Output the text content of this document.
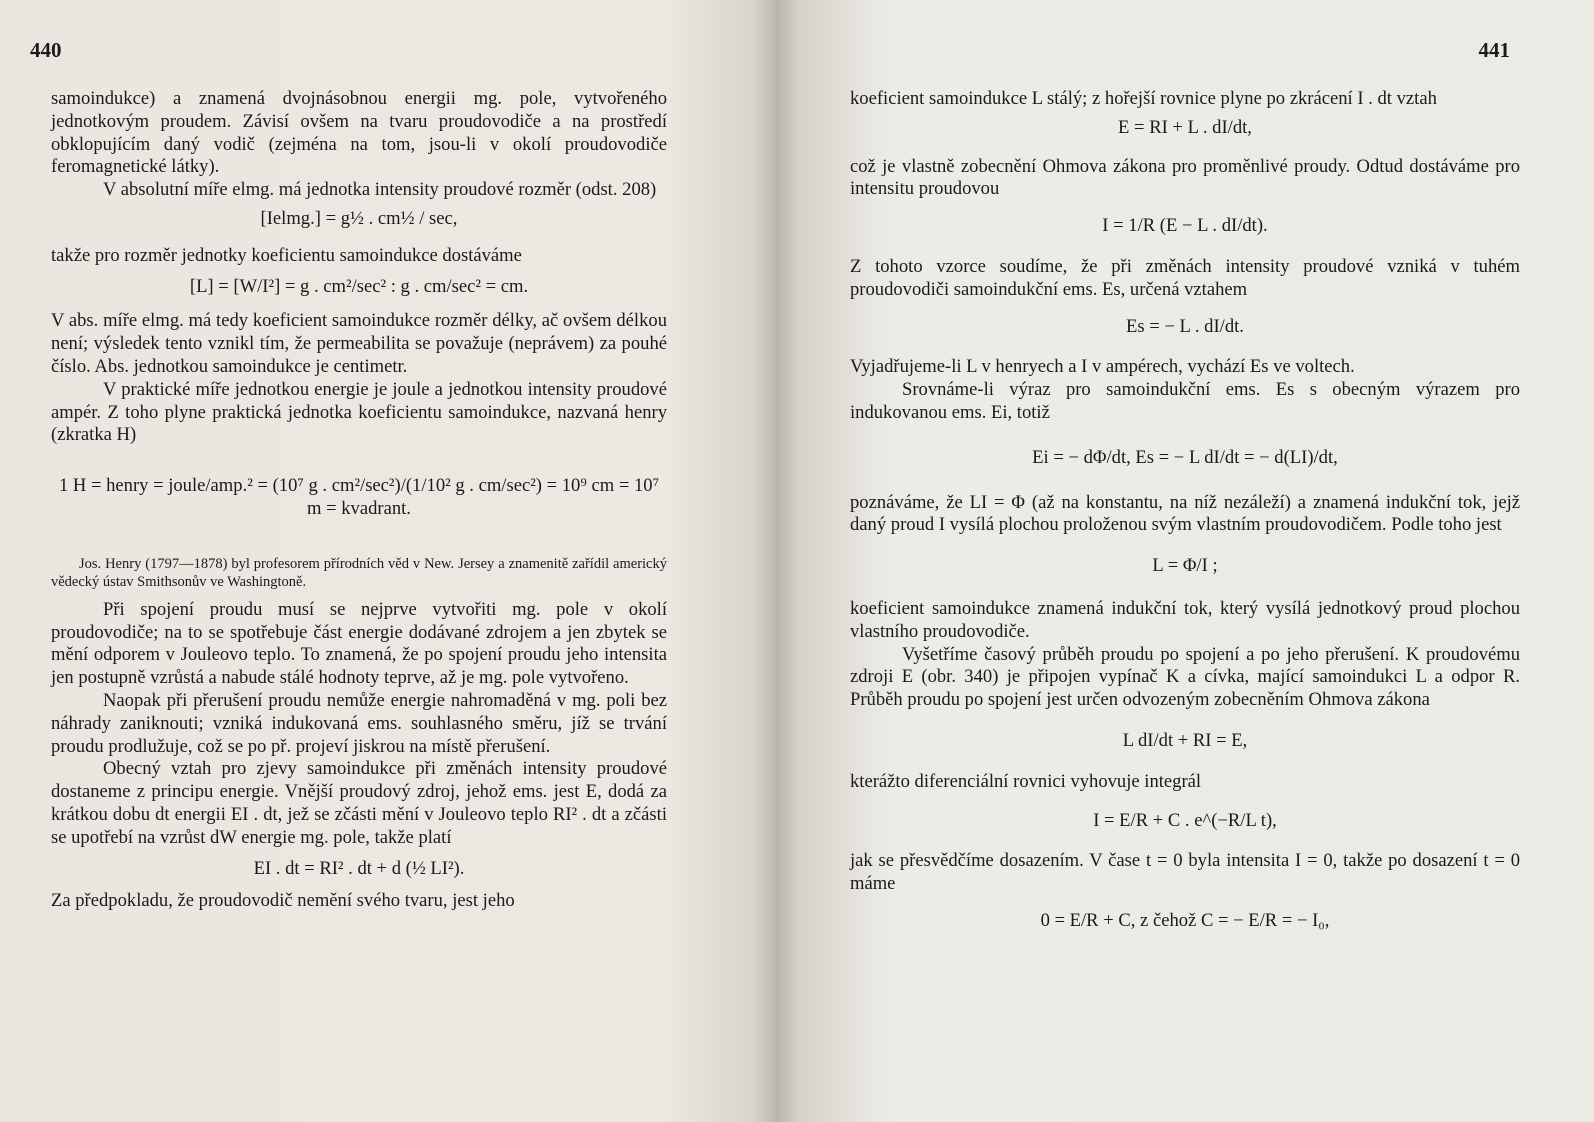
440

samoindukce) a znamená dvojnásobnou energii mg. pole, vytvořeného jednotkovým proudem. Závisí ovšem na tvaru proudovodiče a na prostředí obklopujícím daný vodič (zejména na tom, jsou-li v okolí proudovodiče feromagnetické látky).

V absolutní míře elmg. má jednotka intensity proudové rozměr (odst. 208)

[Ielmg.] = g½ . cm½ / sec,

takže pro rozměr jednotky koeficientu samoindukce dostáváme

[L] = [W/I²] = g . cm²/sec² : g . cm/sec² = cm.

V abs. míře elmg. má tedy koeficient samoindukce rozměr délky, ač ovšem délkou není; výsledek tento vznikl tím, že permeabilita se považuje (neprávem) za pouhé číslo. Abs. jednotkou samoindukce je centimetr.

V praktické míře jednotkou energie je joule a jednotkou intensity proudové ampér. Z toho plyne praktická jednotka koeficientu samoindukce, nazvaná henry (zkratka H)

1 H = henry = joule/amp.² = (10⁷ g . cm²/sec²)/(1/10² g . cm/sec²) = 10⁹ cm = 10⁷ m = kvadrant.

Jos. Henry (1797—1878) byl profesorem přírodních věd v New. Jersey a znamenitě zařídil americký vědecký ústav Smithsonův ve Washingtoně.

Při spojení proudu musí se nejprve vytvořiti mg. pole v okolí proudovodiče; na to se spotřebuje část energie dodávané zdrojem a jen zbytek se mění odporem v Jouleovo teplo. To znamená, že po spojení proudu jeho intensita jen postupně vzrůstá a nabude stálé hodnoty teprve, až je mg. pole vytvořeno.

Naopak při přerušení proudu nemůže energie nahromaděná v mg. poli bez náhrady zaniknouti; vzniká indukovaná ems. souhlasného směru, jíž se trvání proudu prodlužuje, což se po př. projeví jiskrou na místě přerušení.

Obecný vztah pro zjevy samoindukce při změnách intensity proudové dostaneme z principu energie. Vnější proudový zdroj, jehož ems. jest E, dodá za krátkou dobu dt energii EI . dt, jež se zčásti mění v Jouleovo teplo RI² . dt a zčásti se upotřebí na vzrůst dW energie mg. pole, takže platí

EI . dt = RI² . dt + d (½ LI²).

Za předpokladu, že proudovodič nemění svého tvaru, jest jeho

441

koeficient samoindukce L stálý; z hořejší rovnice plyne po zkrácení I . dt vztah

E = RI + L . dI/dt,

což je vlastně zobecnění Ohmova zákona pro proměnlivé proudy. Odtud dostáváme pro intensitu proudovou

I = 1/R (E − L . dI/dt).

Z tohoto vzorce soudíme, že při změnách intensity proudové vzniká v tuhém proudovodiči samoindukční ems. Es, určená vztahem

Es = − L . dI/dt.

Vyjadřujeme-li L v henryech a I v ampérech, vychází Es ve voltech.

Srovnáme-li výraz pro samoindukční ems. Es s obecným výrazem pro indukovanou ems. Ei, totiž

Ei = − dΦ/dt, Es = − L dI/dt = − d(LI)/dt,

poznáváme, že LI = Φ (až na konstantu, na níž nezáleží) a znamená indukční tok, jejž daný proud I vysílá plochou proloženou svým vlastním proudovodičem. Podle toho jest

L = Φ/I ;

koeficient samoindukce znamená indukční tok, který vysílá jednotkový proud plochou vlastního proudovodiče.

Vyšetříme časový průběh proudu po spojení a po jeho přerušení. K proudovému zdroji E (obr. 340) je připojen vypínač K a cívka, mající samoindukci L a odpor R. Průběh proudu po spojení jest určen odvozeným zobecněním Ohmova zákona

L dI/dt + RI = E,

kterážto diferenciální rovnici vyhovuje integrál

I = E/R + C . e^(−R/L t),

jak se přesvědčíme dosazením. V čase t = 0 byla intensita I = 0, takže po dosazení t = 0 máme

0 = E/R + C, z čehož C = − E/R = − I₀,
